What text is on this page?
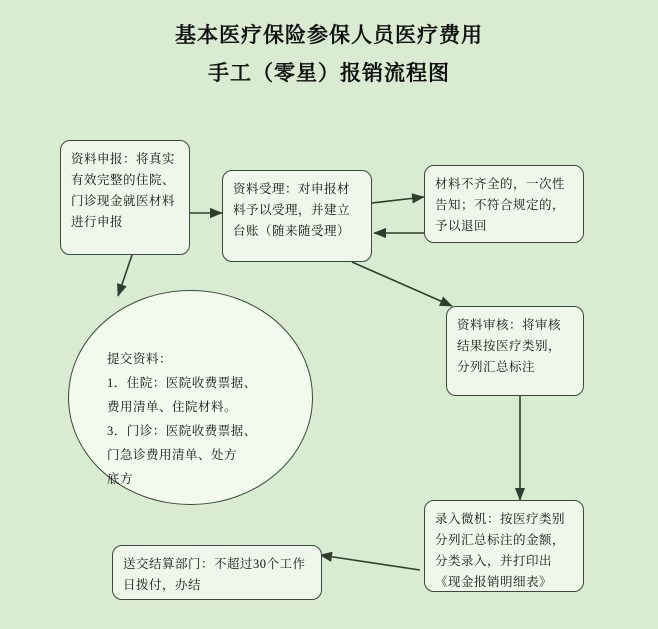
基本医疗保险参保人员医疗费用
手工（零星）报销流程图
资料申报：将真实有效完整的住院、门诊现金就医材料进行申报
资料受理：对申报材料予以受理，并建立台账（随来随受理）
材料不齐全的，一次性告知；不符合规定的，予以退回
资料审核：将审核结果按医疗类别，分列汇总标注
录入微机：按医疗类别分列汇总标注的金额，分类录入，并打印出《现金报销明细表》
送交结算部门：不超过30个工作日拨付，办结
提交资料：
1．住院：医院收费票据、
费用清单、住院材料。
3．门诊：医院收费票据、
门急诊费用清单、处方
底方
